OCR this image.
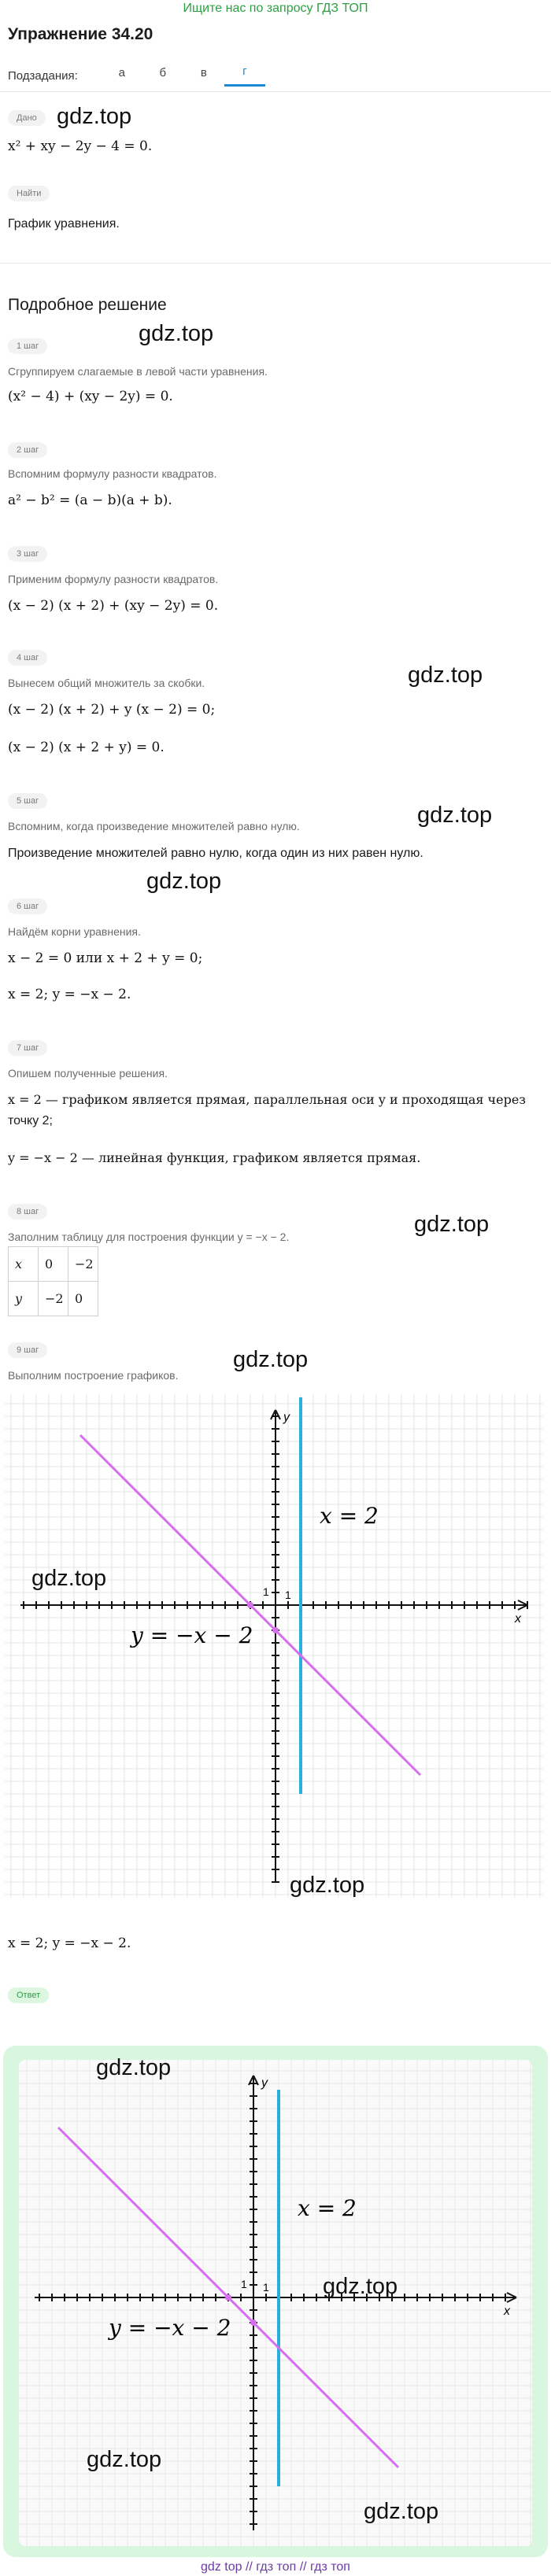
Ищите нас по запросу ГДЗ ТОП
Упражнение 34.20
Подзадания:	а	б	в	г
Дано gdz.top
x² + xy − 2y − 4 = 0.
Найти
График уравнения.
Подробное решение
gdz.top
1 шаг
Сгруппируем слагаемые в левой части уравнения.
(x² − 4) + (xy − 2y) = 0.
2 шаг
Вспомним формулу разности квадратов.
a² − b² = (a − b)(a + b).
3 шаг
Применим формулу разности квадратов.
(x − 2) (x + 2) + (xy − 2y) = 0.
4 шаг
Вынесем общий множитель за скобки.	gdz.top
(x − 2) (x + 2) + y (x − 2) = 0;
(x − 2) (x + 2 + y) = 0.
5 шаг
Вспомним, когда произведение множителей равно нулю.	gdz.top
Произведение множителей равно нулю, когда один из них равен нулю.
6 шаг
gdz.top
Найдём корни уравнения.
x − 2 = 0 или x + 2 + y = 0;
x = 2; y = −x − 2.
7 шаг
Опишем полученные решения.
x = 2 — графиком является прямая, параллельная оси y и проходящая через
точку 2;
y = −x − 2 — линейная функция, графиком является прямая.
8 шаг
Заполним таблицу для построения функции y = −x − 2.	gdz.top
x	0	−2
y	−2	0
9 шаг	gdz.top
Выполним построение графиков.
x
y
1 1
x = 2
y = −x − 2
gdz.top
gdz.top
x = 2; y = −x − 2.
Ответ
x
y
1 1
x = 2
y = −x − 2
gdz.top
gdz.top
gdz.top
gdz.top
gdz top // гдз топ // гдз топ
